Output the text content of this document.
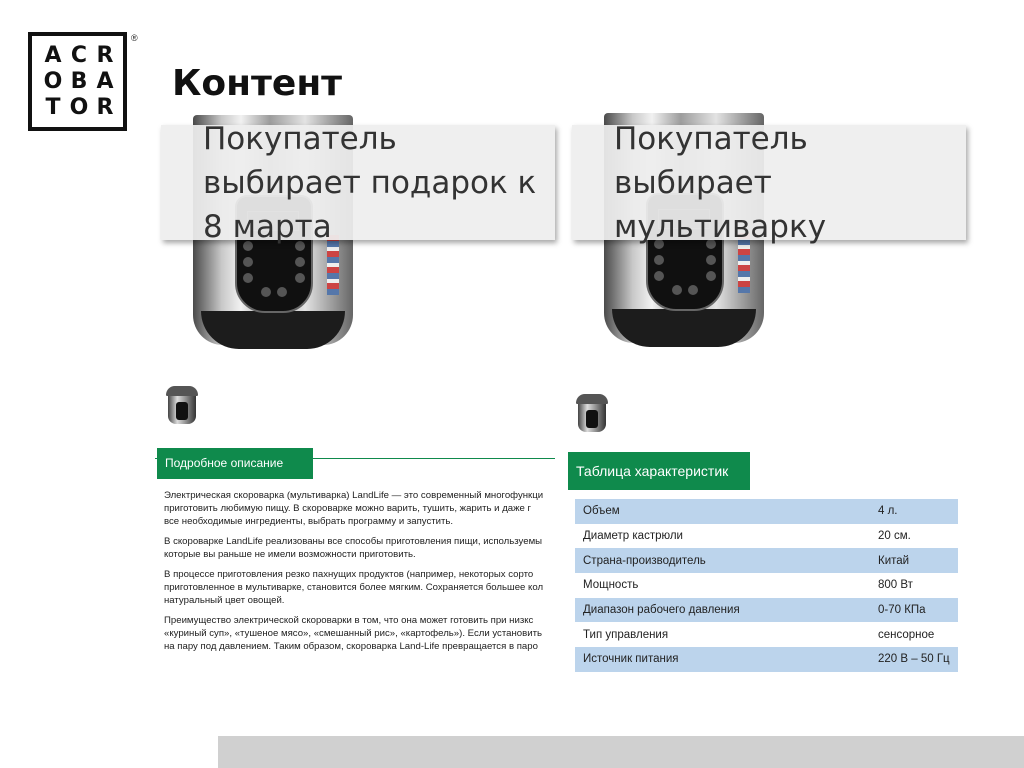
A C R
O B A
T O R
®
Контент
Покупатель
выбирает подарок к
8 марта
Подробное описание

Электрическая скороварка (мультиварка) LandLife — это современный многофункци
приготовить любимую пищу. В скороварке можно варить, тушить, жарить и даже г
все необходимые ингредиенты, выбрать программу и запустить.

В скороварке LandLife реализованы все способы приготовления пищи, используемы
которые вы раньше не имели возможности приготовить.

В процессе приготовления резко пахнущих продуктов (например, некоторых сорто
приготовленное в мультиварке, становится более мягким. Сохраняется большее кол
натуральный цвет овощей.

Преимущество электрической скороварки в том, что она может готовить при низкс
«куриный суп», «тушеное мясо», «смешанный рис», «картофель»). Если установить
на пару под давлением. Таким образом, скороварка Land-Life превращается в паро

Покупатель
выбирает
мультиварку
Таблица характеристик
Объем	4 л.
Диаметр кастрюли	20 см.
Страна-производитель	Китай
Мощность	800 Вт
Диапазон рабочего давления	0-70 КПа
Тип управления	сенсорное
Источник питания	220 В – 50 Гц
